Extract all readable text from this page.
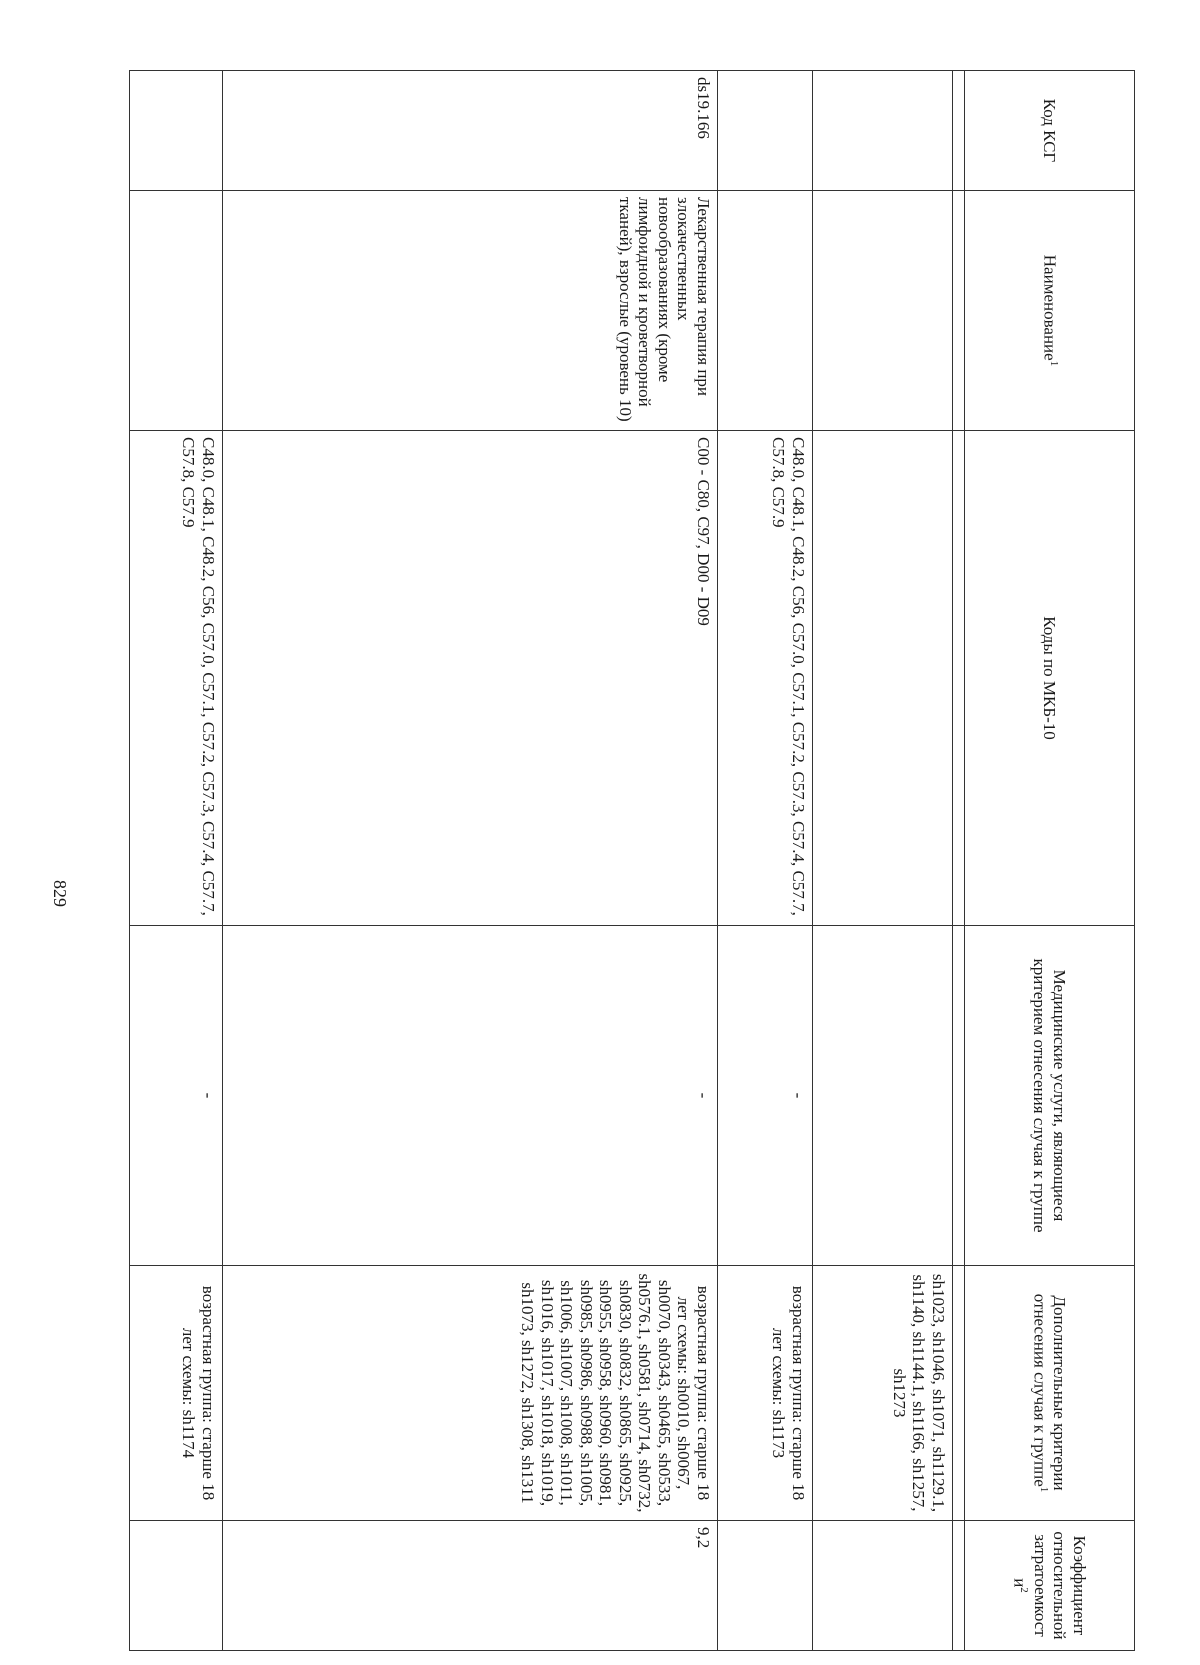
829
Код КСГ	Наименование$^1$	Коды по МКБ-10	Медицинские услуги, являющиеся критерием отнесения случая к группе	Дополнительные критерии отнесения случая к группе$^1$	Коэффициент относительной затратоемкост $и^2$

				sh1023, sh1046, sh1071, sh1129.1, sh1140, sh1144.1, sh1166, sh1257, sh1273	
		C48.0, C48.1, C48.2, C56, C57.0, C57.1, C57.2, C57.3, C57.4, C57.7, C57.8, C57.9	-	возрастная группа: старше 18 лет схемы: sh1173	
ds19.166	Лекарственная терапия при злокачественных новообразованиях (кроме лимфоидной и кроветворной тканей), взрослые (уровень 10)	C00 - C80, C97, D00 - D09	-	возрастная группа: старше 18 лет схемы: sh0010, sh0067, sh0070, sh0343, sh0465, sh0533, sh0576.1, sh0581, sh0714, sh0732, sh0830, sh0832, sh0865, sh0925, sh0955, sh0958, sh0960, sh0981, sh0985, sh0986, sh0988, sh1005, sh1006, sh1007, sh1008, sh1011, sh1016, sh1017, sh1018, sh1019, sh1073, sh1272, sh1308, sh1311	9,2
		C48.0, C48.1, C48.2, C56, C57.0, C57.1, C57.2, C57.3, C57.4, C57.7, C57.8, C57.9	-	возрастная группа: старше 18 лет схемы: sh1174	
